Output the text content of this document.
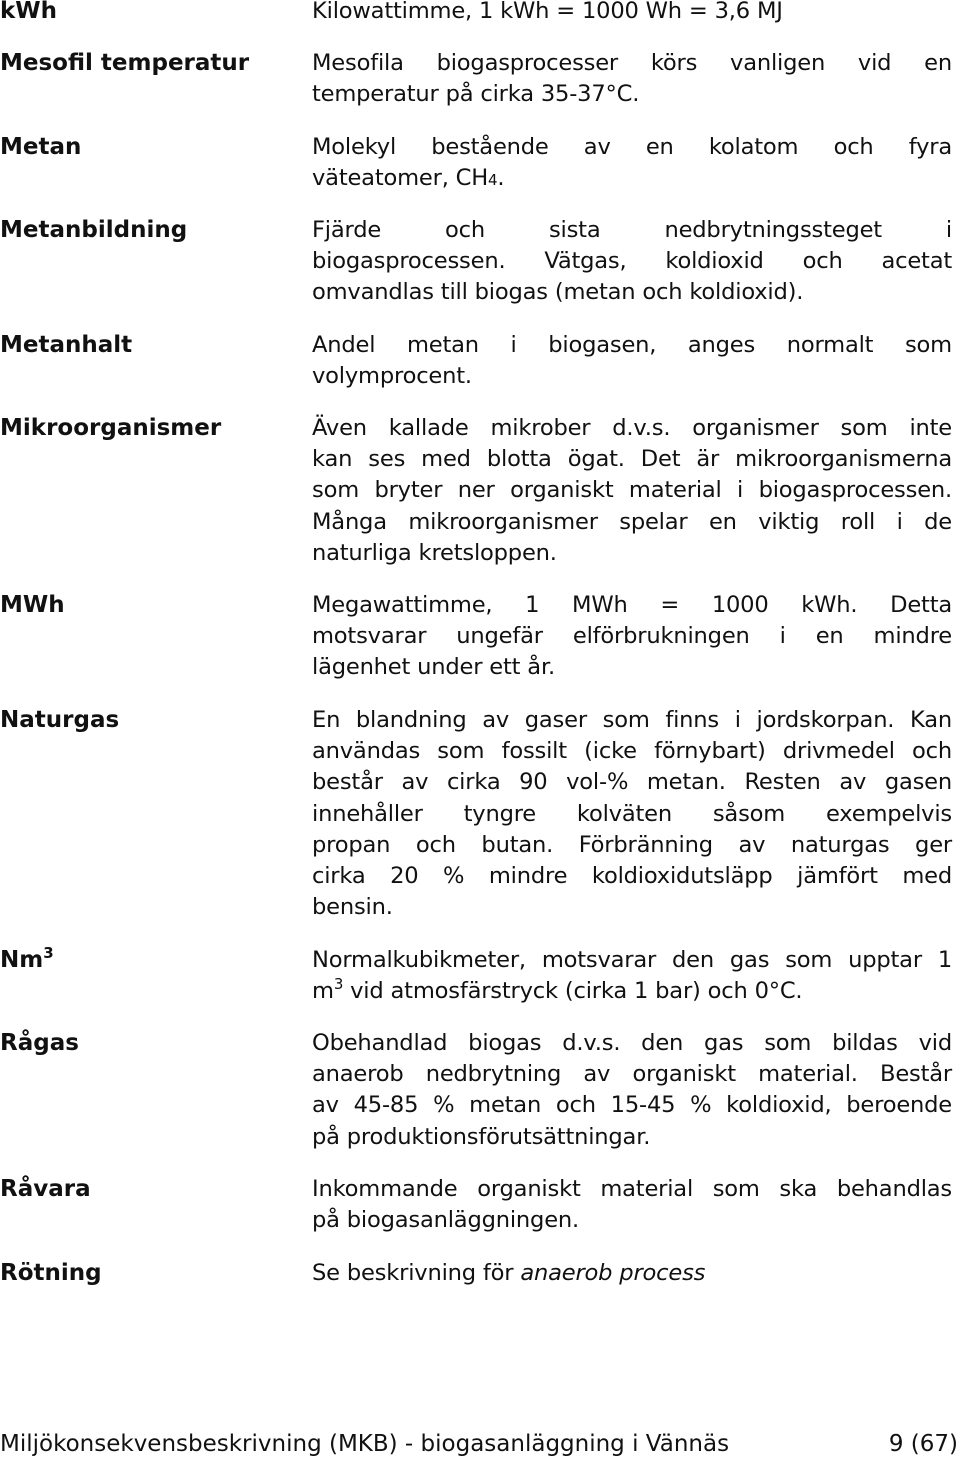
kWh	Kilowattimme, 1 kWh = 1000 Wh = 3,6 MJ
Mesofil temperatur	Mesofila biogasprocesser körs vanligen vid en
temperatur på cirka 35-37°C.
Metan	Molekyl bestående av en kolatom och fyra
väteatomer, CH4.
Metanbildning	Fjärde och sista nedbrytningssteget i
biogasprocessen. Vätgas, koldioxid och acetat
omvandlas till biogas (metan och koldioxid).
Metanhalt	Andel metan i biogasen, anges normalt som
volymprocent.
Mikroorganismer	Även kallade mikrober d.v.s. organismer som inte
kan ses med blotta ögat. Det är mikroorganismerna
som bryter ner organiskt material i biogasprocessen.
Många mikroorganismer spelar en viktig roll i de
naturliga kretsloppen.
MWh	Megawattimme, 1 MWh = 1000 kWh. Detta
motsvarar ungefär elförbrukningen i en mindre
lägenhet under ett år.
Naturgas	En blandning av gaser som finns i jordskorpan. Kan
användas som fossilt (icke förnybart) drivmedel och
består av cirka 90 vol-% metan. Resten av gasen
innehåller tyngre kolväten såsom exempelvis
propan och butan. Förbränning av naturgas ger
cirka 20 % mindre koldioxidutsläpp jämfört med
bensin.
Nm$^3$	Normalkubikmeter, motsvarar den gas som upptar 1
$m^3$ vid atmosfärstryck (cirka 1 bar) och 0°C.
Rågas	Obehandlad biogas d.v.s. den gas som bildas vid
anaerob nedbrytning av organiskt material. Består
av 45-85 % metan och 15-45 % koldioxid, beroende
på produktionsförutsättningar.
Råvara	Inkommande organiskt material som ska behandlas
på biogasanläggningen.
Rötning	Se beskrivning för anaerob process
Miljökonsekvensbeskrivning (MKB) - biogasanläggning i Vännäs	9 (67)
